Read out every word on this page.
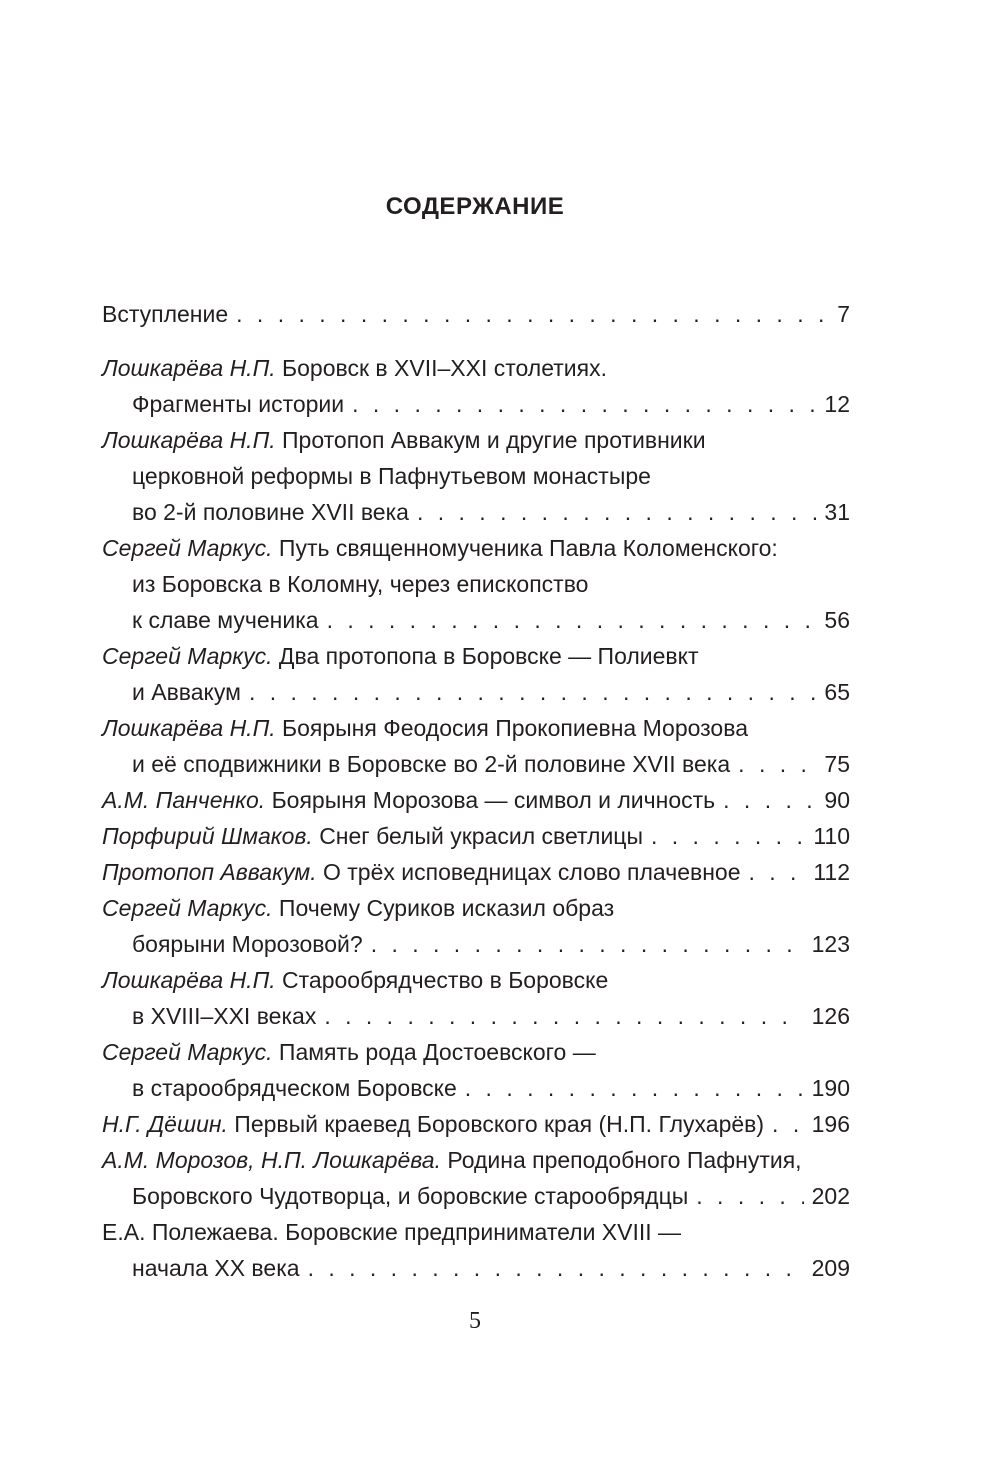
СОДЕРЖАНИЕ
Вступление . . .	7
Лошкарёва Н.П.
Боровск в XVII–XXI столетиях.
Фрагменты истории . . .	12
Лошкарёва Н.П.
Протопоп Аввакум и другие противники
церковной реформы в Пафнутьевом монастыре
во 2-й половине XVII века . . .	31
Сергей Маркус.
Путь священномученика Павла Коломенского:
из Боровска в Коломну, через епископство
к славе мученика . . .	56
Сергей Маркус.
Два протопопа в Боровске — Полиевкт
и Аввакум . . .	65
Лошкарёва Н.П.
Боярыня Феодосия Прокопиевна Морозова
и её сподвижники в Боровске во 2-й половине XVII века . . .	75
А.М. Панченко.
Боярыня Морозова — символ и личность . . .	90
Порфирий Шмаков.
Снег белый украсил светлицы . . .	110
Протопоп Аввакум.
О трёх исповедницах слово плачевное . . .	112
Сергей Маркус.
Почему Суриков исказил образ
боярыни Морозовой? . . .	123
Лошкарёва Н.П.
Старообрядчество в Боровске
в XVIII–XXI веках . . .	126
Сергей Маркус.
Память рода Достоевского —
в старообрядческом Боровске . . .	190
Н.Г. Дёшин.
Первый краевед Боровского края (Н.П. Глухарёв) . . . 196
А.М. Морозов, Н.П. Лошкарёва.
Родина преподобного Пафнутия,
Боровского Чудотворца, и боровские старообрядцы . . .	202
Е.А. Полежаева. Боровские предприниматели XVIII —
начала XX века . . .	209
5
